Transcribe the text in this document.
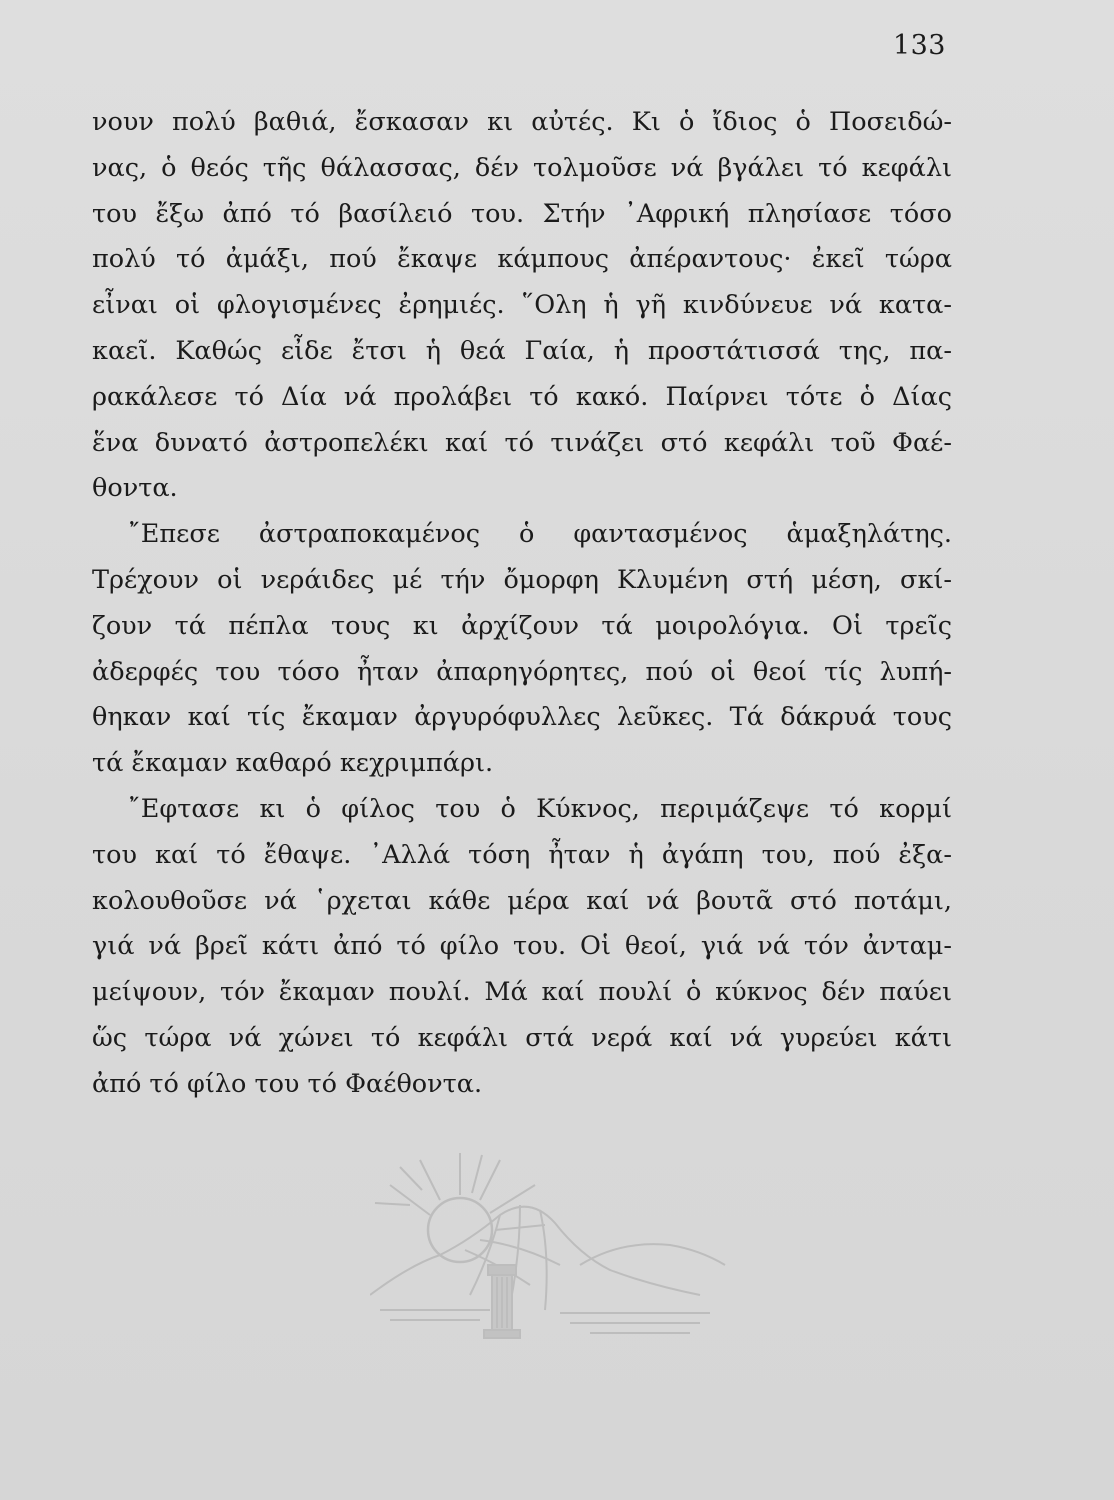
133
νουν πολύ βαθιά, ἔσκασαν κι αὐτές. Κι ὁ ἴδιος ὁ Ποσειδώ-
νας, ὁ θεός τῆς θάλασσας, δέν τολμοῦσε νά βγάλει τό κεφάλι
του ἔξω ἀπό τό βασίλειό του. Στήν ᾿Αφρική πλησίασε τόσο
πολύ τό ἀμάξι, πού ἔκαψε κάμπους ἀπέραντους· ἐκεῖ τώρα
εἶναι οἱ φλογισμένες ἐρημιές. ῞Ολη ἡ γῆ κινδύνευε νά κατα-
καεῖ. Καθώς εἶδε ἔτσι ἡ θεά Γαία, ἡ προστάτισσά της, πα-
ρακάλεσε τό Δία νά προλάβει τό κακό. Παίρνει τότε ὁ Δίας
ἕνα δυνατό ἀστροπελέκι καί τό τινάζει στό κεφάλι τοῦ Φαέ-
θοντα.
῎Επεσε ἀστραποκαμένος ὁ φαντασμένος ἁμαξηλάτης.
Τρέχουν οἱ νεράιδες μέ τήν ὄμορφη Κλυμένη στή μέση, σκί-
ζουν τά πέπλα τους κι ἀρχίζουν τά μοιρολόγια. Οἱ τρεῖς
ἀδερφές του τόσο ἦταν ἀπαρηγόρητες, πού οἱ θεοί τίς λυπή-
θηκαν καί τίς ἔκαμαν ἀργυρόφυλλες λεῦκες. Τά δάκρυά τους
τά ἔκαμαν καθαρό κεχριμπάρι.
῎Εφτασε κι ὁ φίλος του ὁ Κύκνος, περιμάζεψε τό κορμί
του καί τό ἔθαψε. ᾿Αλλά τόση ἦταν ἡ ἀγάπη του, πού ἐξα-
κολουθοῦσε νά ῾ρχεται κάθε μέρα καί νά βουτᾶ στό ποτάμι,
γιά νά βρεῖ κάτι ἀπό τό φίλο του. Οἱ θεοί, γιά νά τόν ἀνταμ-
μείψουν, τόν ἔκαμαν πουλί. Μά καί πουλί ὁ κύκνος δέν παύει
ὥς τώρα νά χώνει τό κεφάλι στά νερά καί νά γυρεύει κάτι
ἀπό τό φίλο του τό Φαέθοντα.
